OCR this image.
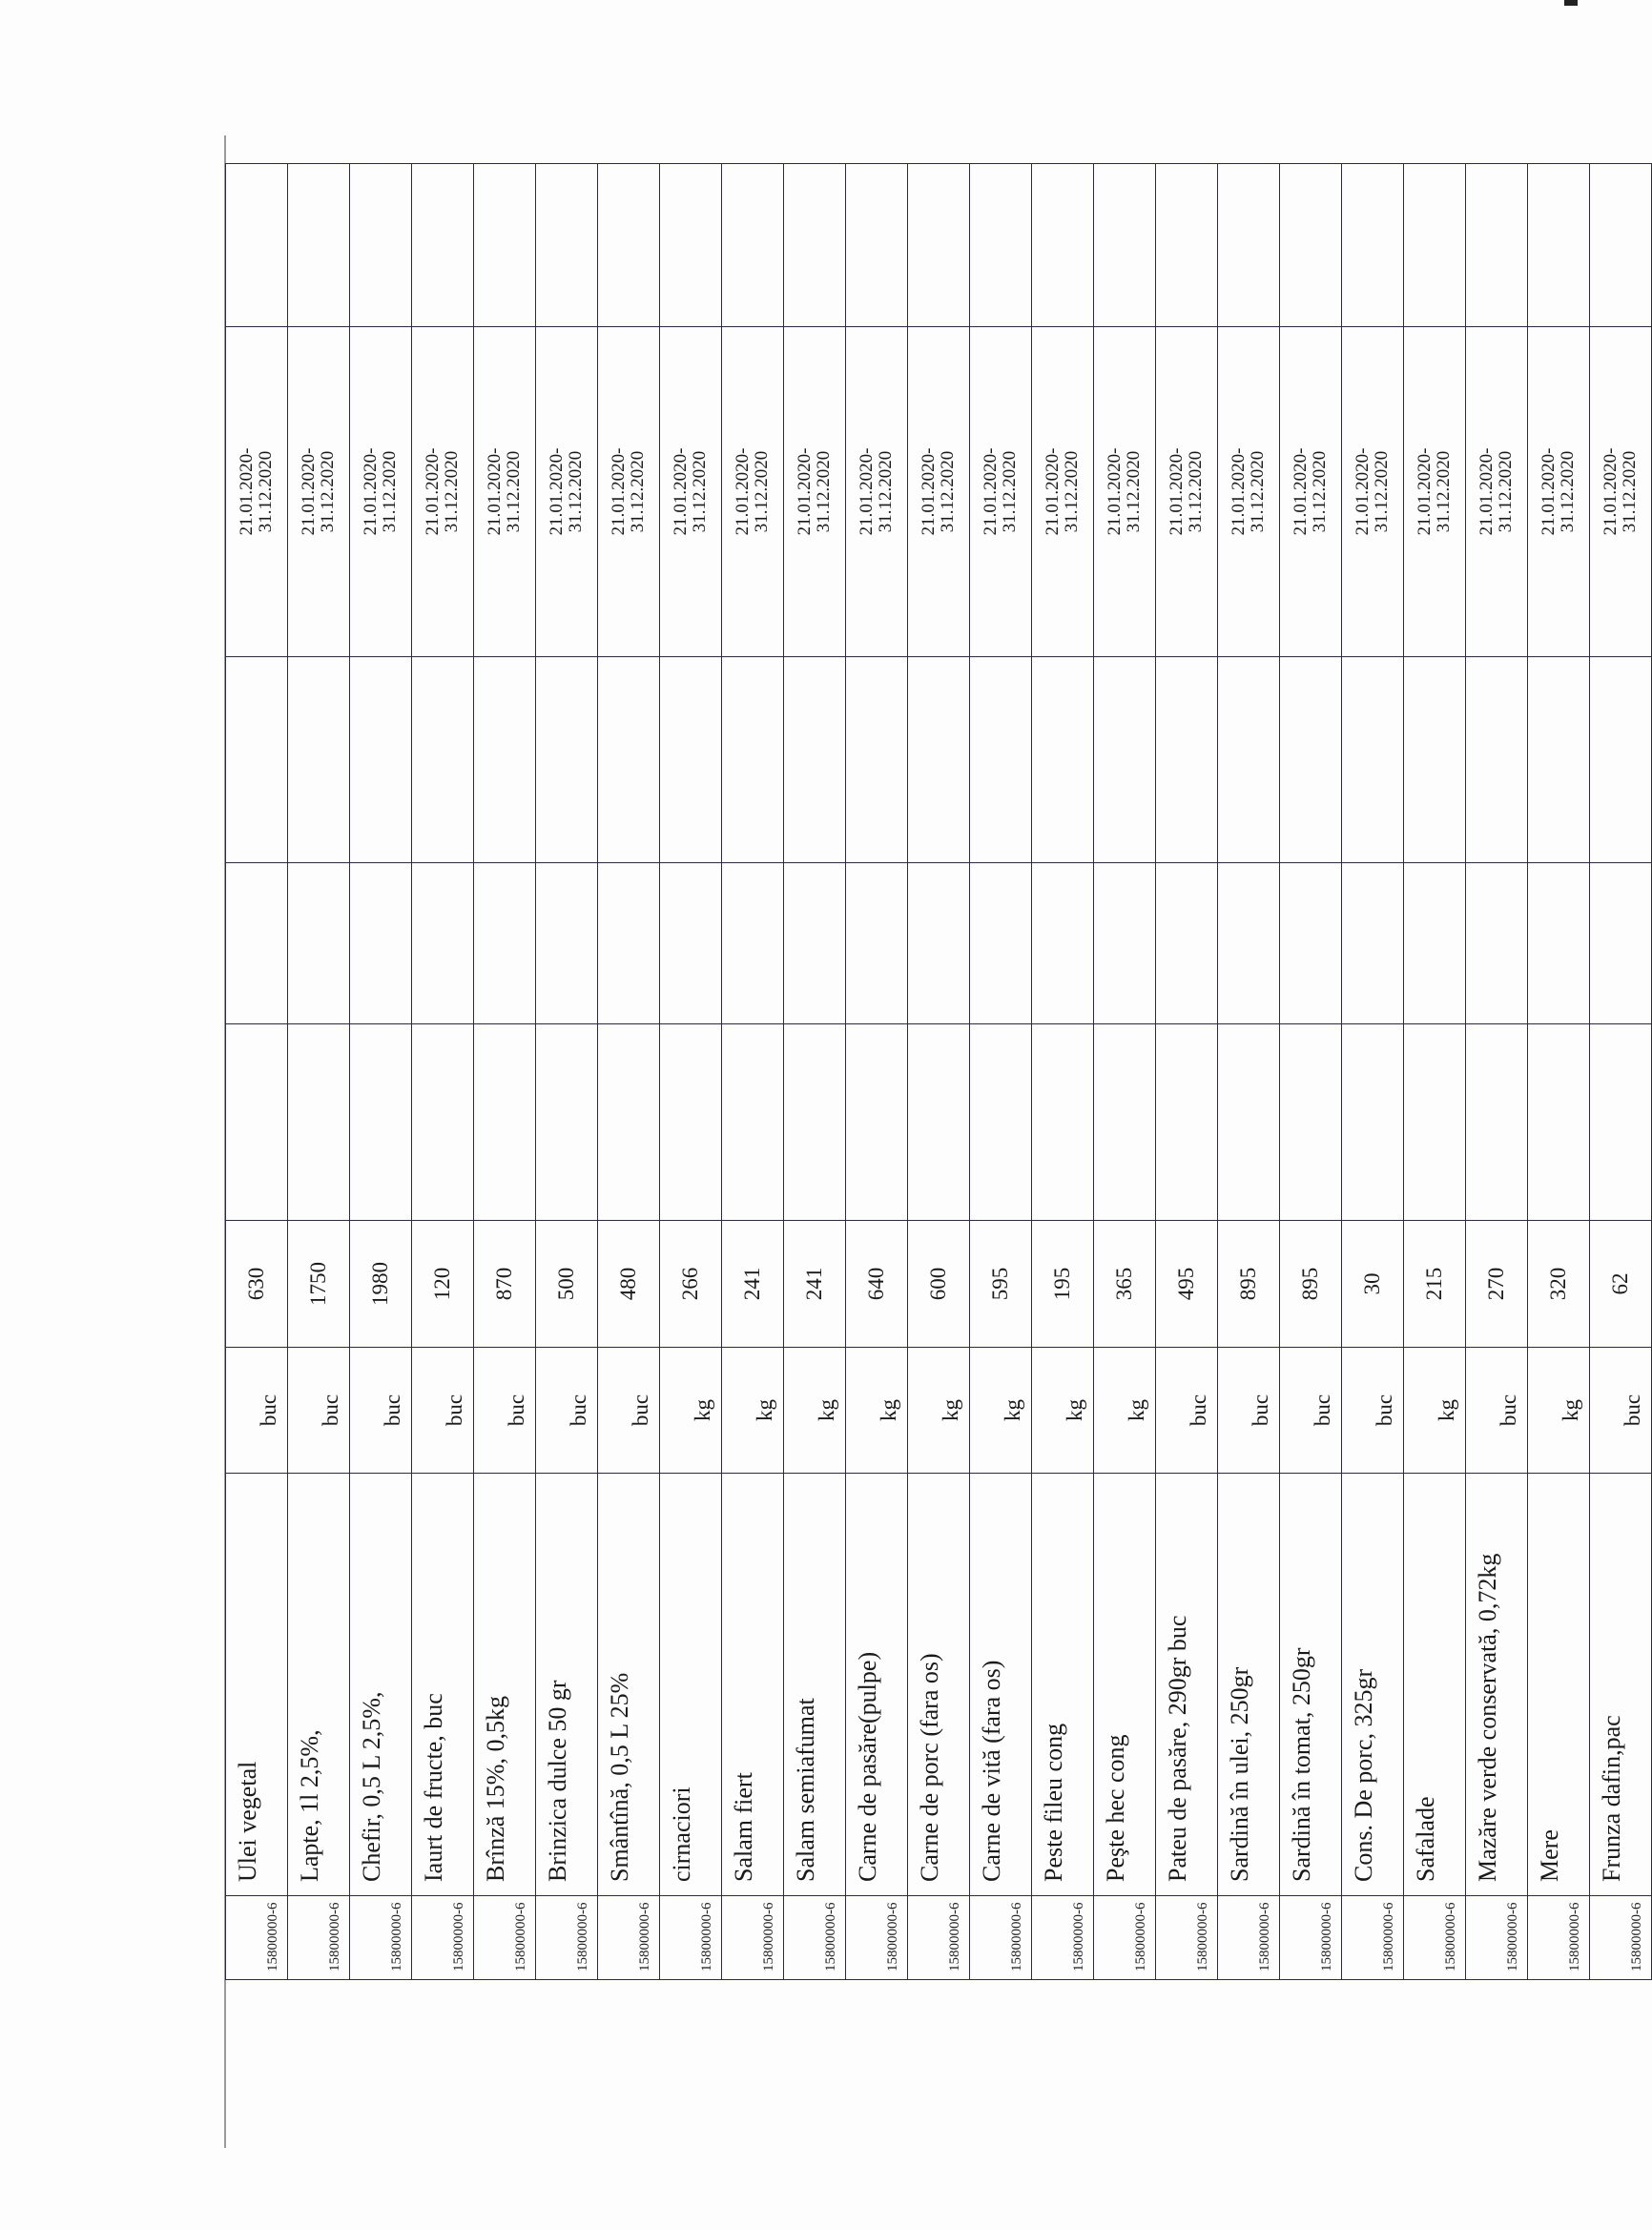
15800000-6	Ulei vegetal	buc	630				21.01.2020- 31.12.2020	

15800000-6	Lapte, 1l 2,5%,	buc	1750				21.01.2020- 31.12.2020	

15800000-6	Chefir, 0,5 L 2,5%,	buc	1980				21.01.2020- 31.12.2020	

15800000-6	Iaurt de fructe, buc	buc	120				21.01.2020- 31.12.2020	

15800000-6	Brînză 15%, 0,5kg	buc	870				21.01.2020- 31.12.2020	

15800000-6	Brinzica dulce 50 gr	buc	500				21.01.2020- 31.12.2020	

15800000-6	Smântînă, 0,5 L 25%	buc	480				21.01.2020- 31.12.2020	

15800000-6	cirnaciori	kg	266				21.01.2020- 31.12.2020	

15800000-6	Salam fiert	kg	241				21.01.2020- 31.12.2020	

15800000-6	Salam semiafumat	kg	241				21.01.2020- 31.12.2020	

15800000-6	Carne de pasăre(pulpe)	kg	640				21.01.2020- 31.12.2020	

15800000-6	Carne de porc (fara os)	kg	600				21.01.2020- 31.12.2020	

15800000-6	Carne de vită (fara os)	kg	595				21.01.2020- 31.12.2020	

15800000-6	Peste fileu cong	kg	195				21.01.2020- 31.12.2020	

15800000-6	Peşte hec cong	kg	365				21.01.2020- 31.12.2020	

15800000-6	Pateu de pasăre, 290gr buc	buc	495				21.01.2020- 31.12.2020	

15800000-6	Sardină în ulei, 250gr	buc	895				21.01.2020- 31.12.2020	

15800000-6	Sardină în tomat, 250gr	buc	895				21.01.2020- 31.12.2020	

15800000-6	Cons. De porc, 325gr	buc	30				21.01.2020- 31.12.2020	

15800000-6	Safalade	kg	215				21.01.2020- 31.12.2020	

15800000-6	Mazăre verde conservată, 0,72kg	buc	270				21.01.2020- 31.12.2020	

15800000-6	Mere	kg	320				21.01.2020- 31.12.2020	

15800000-6	Frunza dafin,pac	buc	62				21.01.2020- 31.12.2020	
